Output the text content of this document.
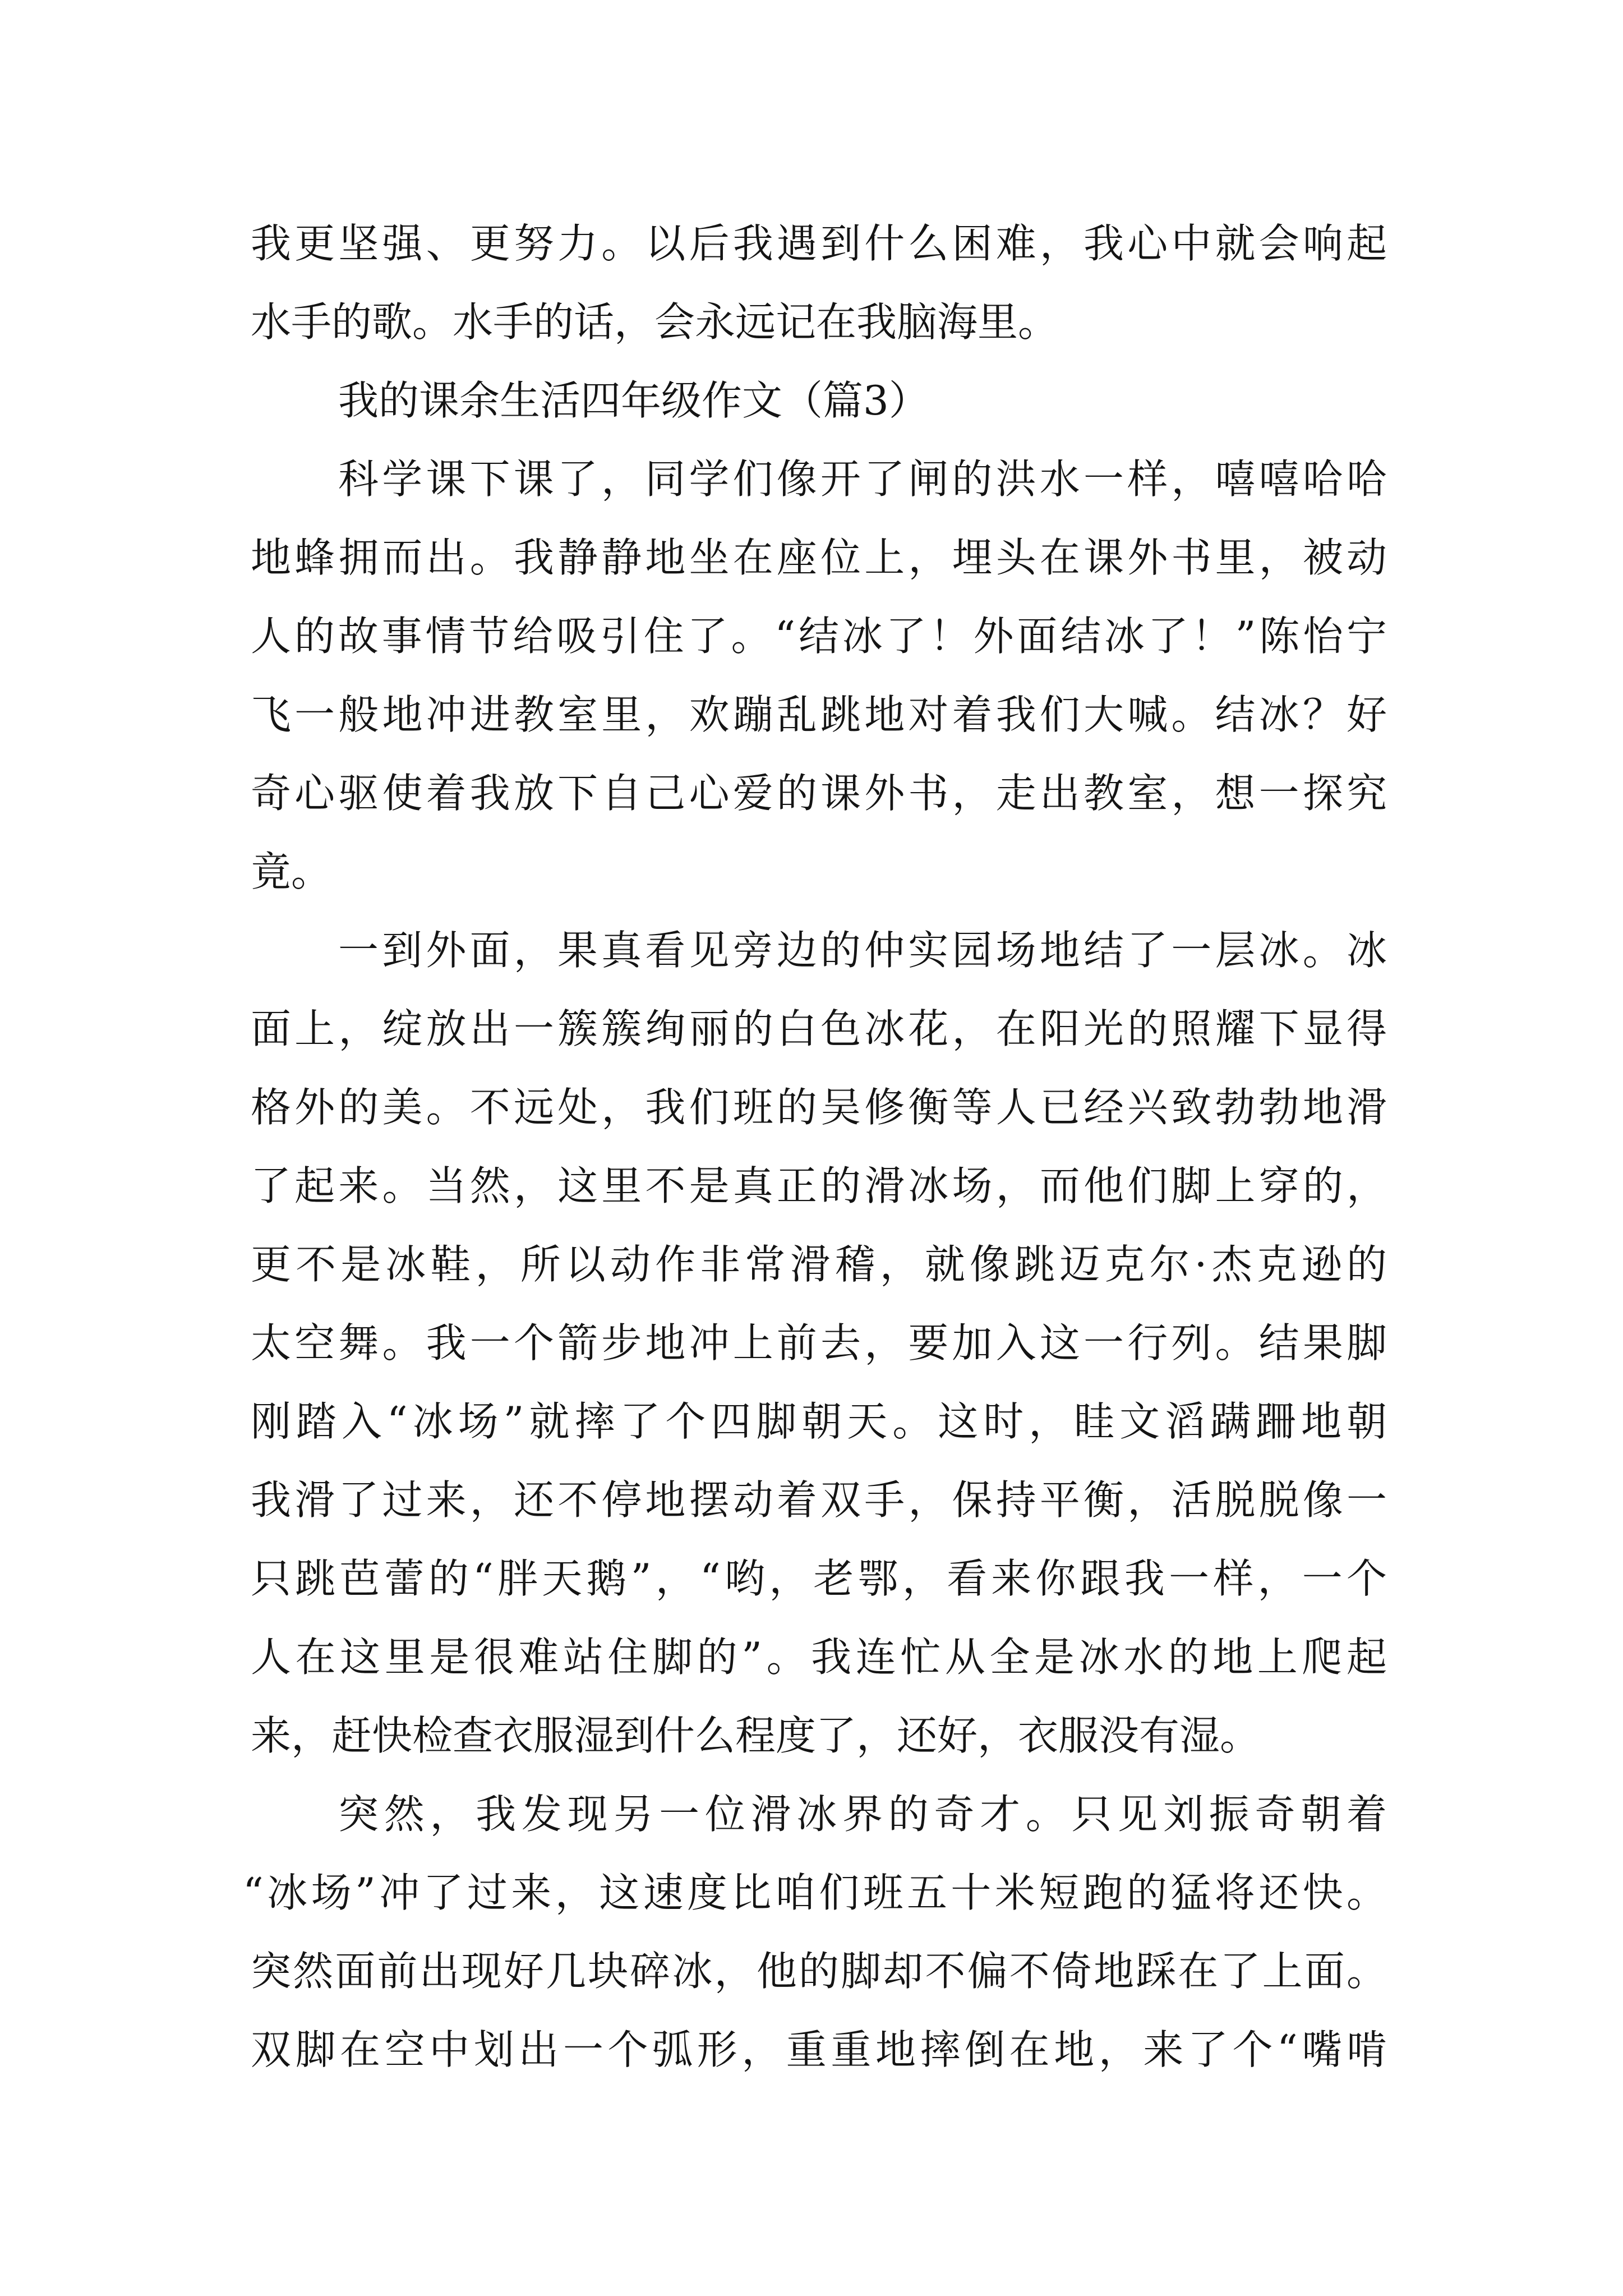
我更坚强、更努力。以后我遇到什么困难，我心中就会响起
水手的歌。水手的话，会永远记在我脑海里。
我的课余生活四年级作文（篇3）
科学课下课了，同学们像开了闸的洪水一样，嘻嘻哈哈
地蜂拥而出。我静静地坐在座位上，埋头在课外书里，被动
人的故事情节给吸引住了。“结冰了！外面结冰了！”陈怡宁
飞一般地冲进教室里，欢蹦乱跳地对着我们大喊。结冰？好
奇心驱使着我放下自己心爱的课外书，走出教室，想一探究
竟。
一到外面，果真看见旁边的仲实园场地结了一层冰。冰
面上，绽放出一簇簇绚丽的白色冰花，在阳光的照耀下显得
格外的美。不远处，我们班的吴修衡等人已经兴致勃勃地滑
了起来。当然，这里不是真正的滑冰场，而他们脚上穿的，
更不是冰鞋，所以动作非常滑稽，就像跳迈克尔·杰克逊的
太空舞。我一个箭步地冲上前去，要加入这一行列。结果脚
刚踏入“冰场”就摔了个四脚朝天。这时，眭文滔蹒跚地朝
我滑了过来，还不停地摆动着双手，保持平衡，活脱脱像一
只跳芭蕾的“胖天鹅”，“哟，老鄂，看来你跟我一样，一个
人在这里是很难站住脚的”。我连忙从全是冰水的地上爬起
来，赶快检查衣服湿到什么程度了，还好，衣服没有湿。
突然，我发现另一位滑冰界的奇才。只见刘振奇朝着
“冰场”冲了过来，这速度比咱们班五十米短跑的猛将还快。
突然面前出现好几块碎冰，他的脚却不偏不倚地踩在了上面。
双脚在空中划出一个弧形，重重地摔倒在地，来了个“嘴啃
